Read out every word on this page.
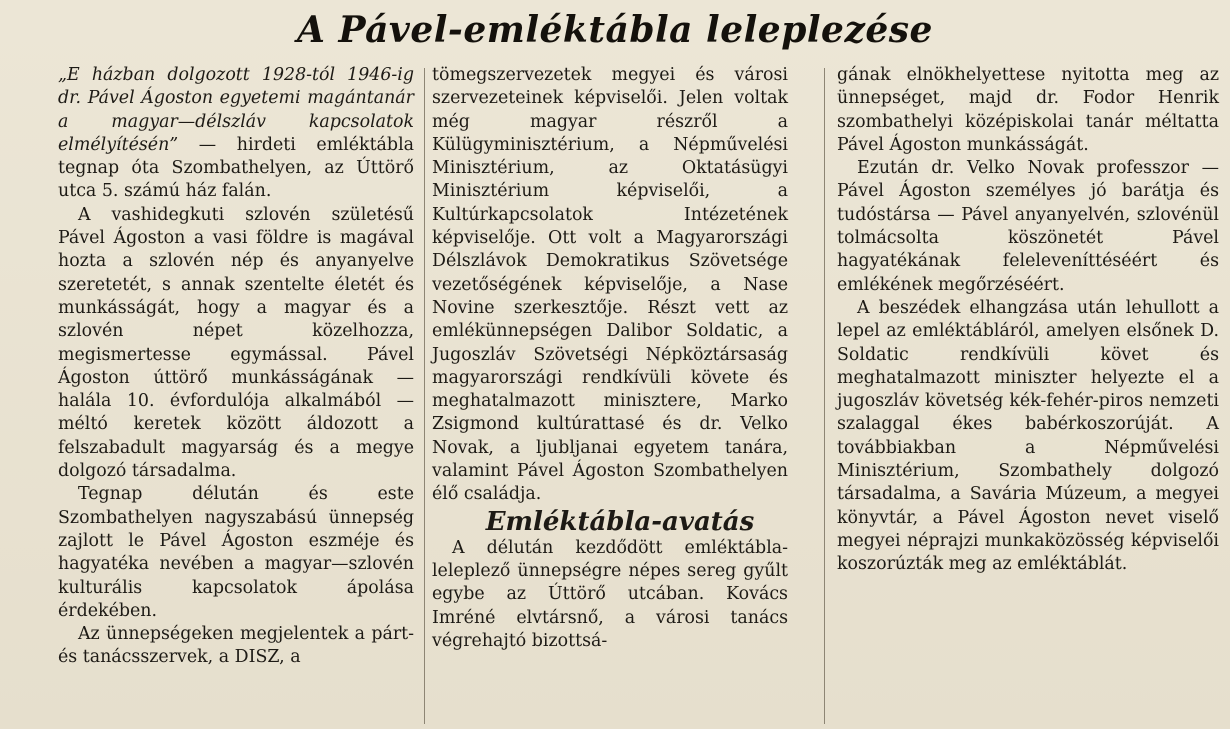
A Pável-emléktábla leleplezése

„E házban dolgozott 1928-tól 1946-ig dr. Pável Ágoston egyetemi magántanár a magyar—délszláv kapcsolatok elmélyítésén” — hirdeti emléktábla tegnap óta Szombathelyen, az Úttörő utca 5. számú ház falán.

A vashidegkuti szlovén születésű Pável Ágoston a vasi földre is magával hozta a szlovén nép és anyanyelve szeretetét, s annak szentelte életét és munkásságát, hogy a magyar és a szlovén népet közelhozza, megismertesse egymással. Pável Ágoston úttörő munkásságának — halála 10. évfordulója alkalmából — méltó keretek között áldozott a felszabadult magyarság és a megye dolgozó társadalma.

Tegnap délután és este Szombathelyen nagyszabású ünnepség zajlott le Pável Ágoston eszméje és hagyatéka nevében a magyar—szlovén kulturális kapcsolatok ápolása érdekében.

Az ünnepségeken megjelentek a párt- és tanácsszervek, a DISZ, a

tömegszervezetek megyei és városi szervezeteinek képviselői. Jelen voltak még magyar részről a Külügyminisztérium, a Népművelési Minisztérium, az Oktatásügyi Minisztérium képviselői, a Kultúrkapcsolatok Intézetének képviselője. Ott volt a Magyarországi Délszlávok Demokratikus Szövetsége vezetőségének képviselője, a Nase Novine szerkesztője. Részt vett az emlékünnepségen Dalibor Soldatic, a Jugoszláv Szövetségi Népköztársaság magyarországi rendkívüli követe és meghatalmazott minisztere, Marko Zsigmond kultúrattasé és dr. Velko Novak, a ljubljanai egyetem tanára, valamint Pável Ágoston Szombathelyen élő családja.

Emléktábla-avatás

A délután kezdődött emléktábla-leleplező ünnepségre népes sereg gyűlt egybe az Úttörő utcában. Kovács Imréné elvtársnő, a városi tanács végrehajtó bizottsá-

gának elnökhelyettese nyitotta meg az ünnepséget, majd dr. Fodor Henrik szombathelyi középiskolai tanár méltatta Pável Ágoston munkásságát.

Ezután dr. Velko Novak professzor — Pável Ágoston személyes jó barátja és tudóstársa — Pável anyanyelvén, szlovénül tolmácsolta köszönetét Pável hagyatékának feleleveníttéséért és emlékének megőrzéséért.

A beszédek elhangzása után lehullott a lepel az emléktábláról, amelyen elsőnek D. Soldatic rendkívüli követ és meghatalmazott miniszter helyezte el a jugoszláv követség kék-fehér-piros nemzeti szalaggal ékes babérkoszorúját. A továbbiakban a Népművelési Minisztérium, Szombathely dolgozó társadalma, a Savária Múzeum, a megyei könyvtár, a Pável Ágoston nevet viselő megyei néprajzi munkaközösség képviselői koszorúzták meg az emléktáblát.
